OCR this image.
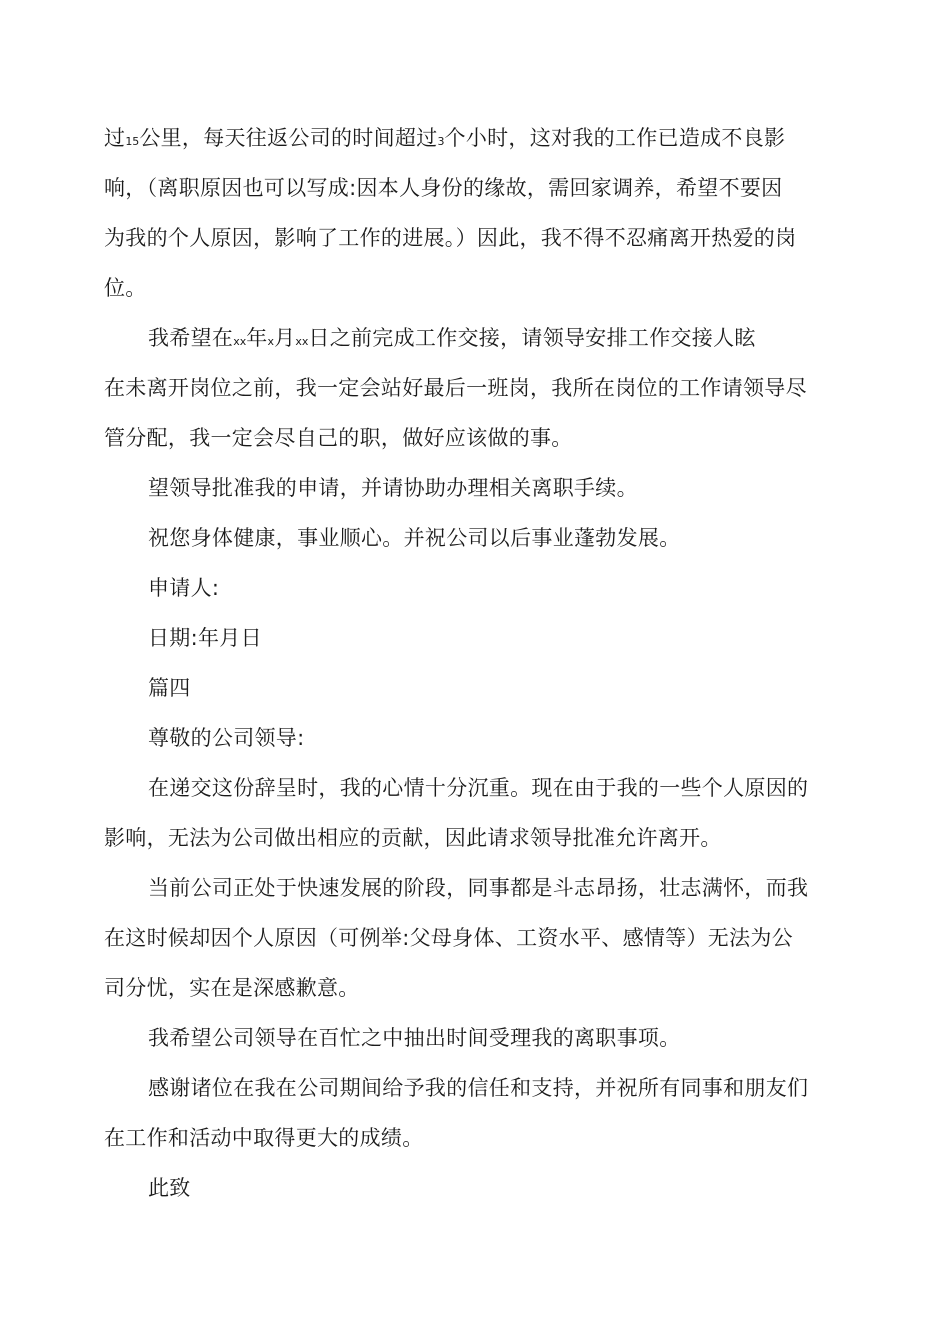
过15公里，每天往返公司的时间超过3个小时，这对我的工作已造成不良影
响，（离职原因也可以写成:因本人身份的缘故，需回家调养，希望不要因
为我的个人原因，影响了工作的进展。）因此，我不得不忍痛离开热爱的岗
位。
我希望在xx年x月xx日之前完成工作交接，请领导安排工作交接人眩
在未离开岗位之前，我一定会站好最后一班岗，我所在岗位的工作请领导尽
管分配，我一定会尽自己的职，做好应该做的事。
望领导批准我的申请，并请协助办理相关离职手续。
祝您身体健康，事业顺心。并祝公司以后事业蓬勃发展。
申请人:
日期:年月日
篇四
尊敬的公司领导:
在递交这份辞呈时，我的心情十分沉重。现在由于我的一些个人原因的
影响，无法为公司做出相应的贡献，因此请求领导批准允许离开。
当前公司正处于快速发展的阶段，同事都是斗志昂扬，壮志满怀，而我
在这时候却因个人原因（可例举:父母身体、工资水平、感情等）无法为公
司分忧，实在是深感歉意。
我希望公司领导在百忙之中抽出时间受理我的离职事项。
感谢诸位在我在公司期间给予我的信任和支持，并祝所有同事和朋友们
在工作和活动中取得更大的成绩。
此致
